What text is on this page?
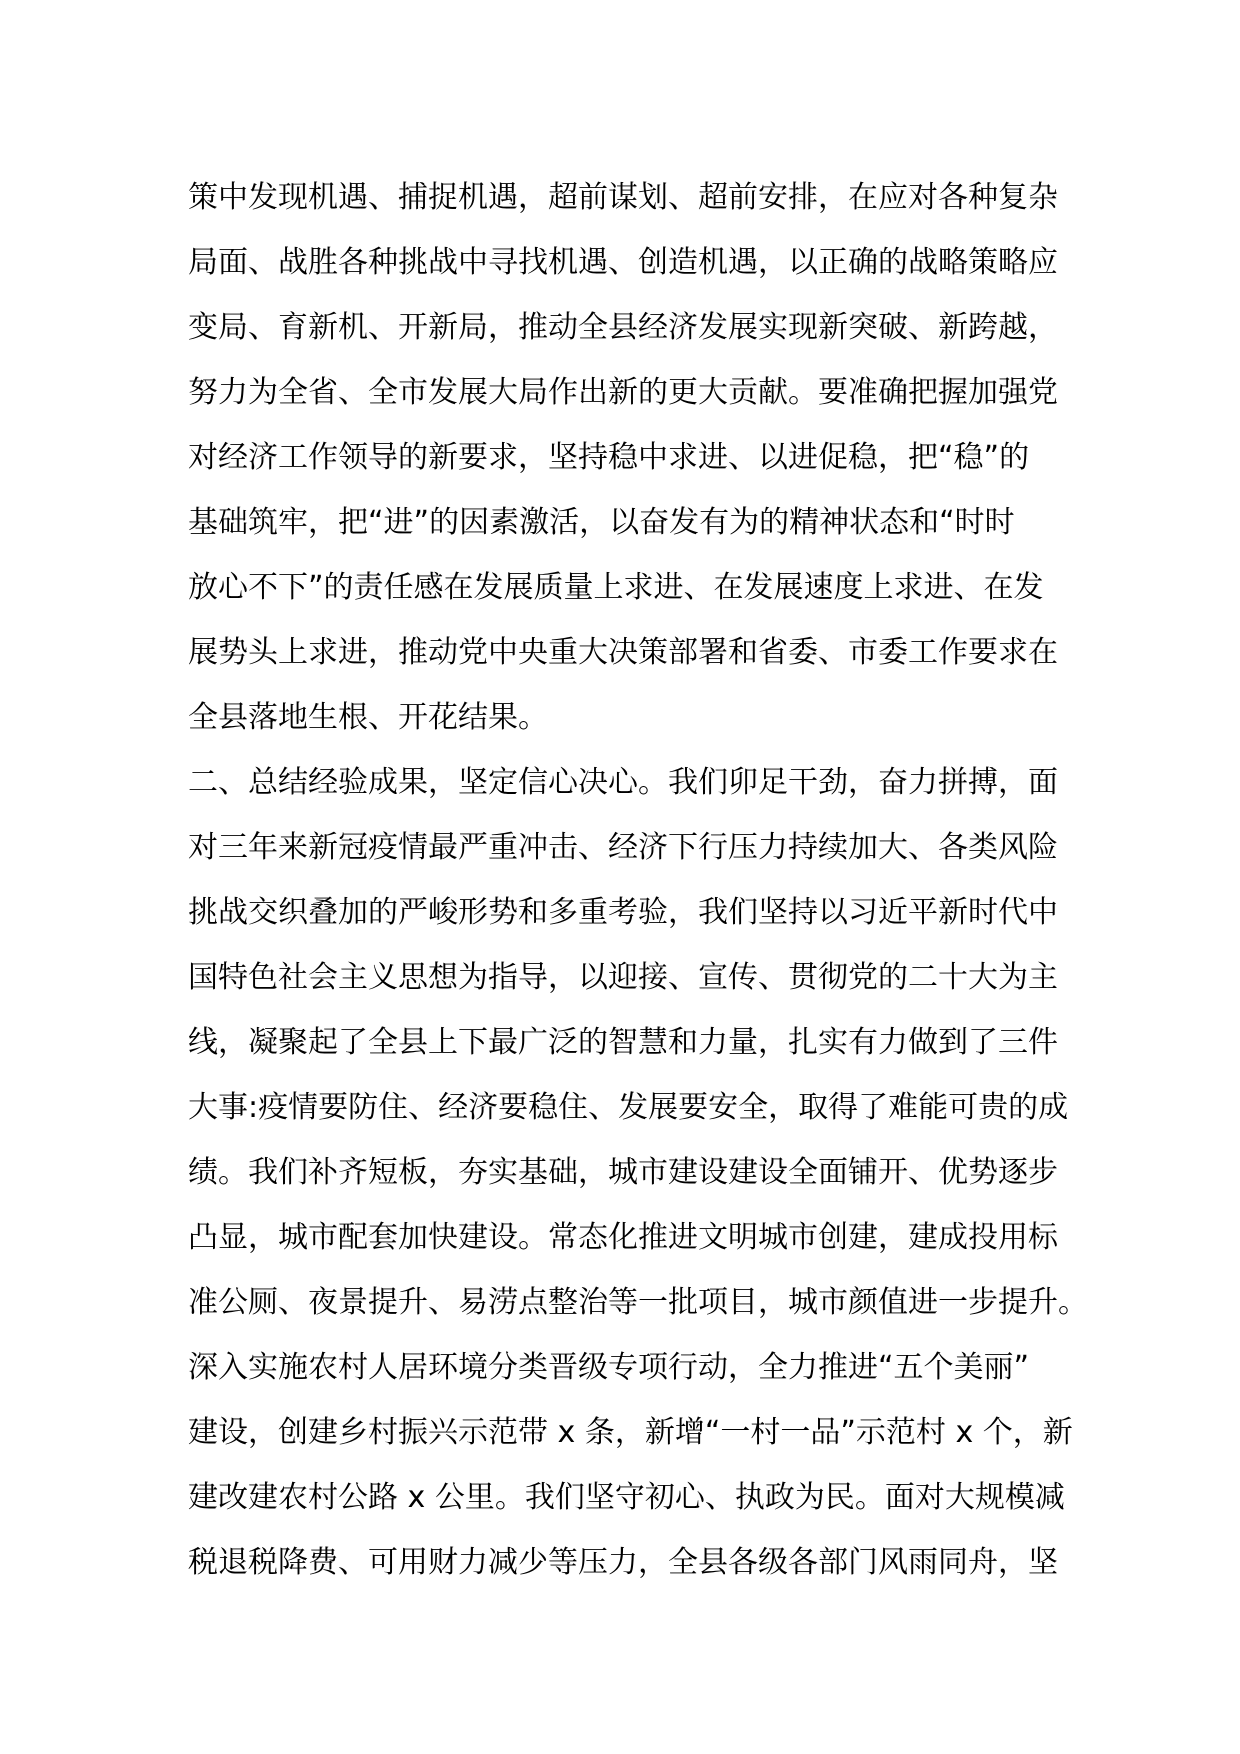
策中发现机遇、捕捉机遇，超前谋划、超前安排，在应对各种复杂
局面、战胜各种挑战中寻找机遇、创造机遇，以正确的战略策略应
变局、育新机、开新局，推动全县经济发展实现新突破、新跨越，
努力为全省、全市发展大局作出新的更大贡献。要准确把握加强党
对经济工作领导的新要求，坚持稳中求进、以进促稳，把“稳”的
基础筑牢，把“进”的因素激活，以奋发有为的精神状态和“时时
放心不下”的责任感在发展质量上求进、在发展速度上求进、在发
展势头上求进，推动党中央重大决策部署和省委、市委工作要求在
全县落地生根、开花结果。
二、总结经验成果，坚定信心决心。我们卯足干劲，奋力拼搏，面
对三年来新冠疫情最严重冲击、经济下行压力持续加大、各类风险
挑战交织叠加的严峻形势和多重考验，我们坚持以习近平新时代中
国特色社会主义思想为指导，以迎接、宣传、贯彻党的二十大为主
线，凝聚起了全县上下最广泛的智慧和力量，扎实有力做到了三件
大事:疫情要防住、经济要稳住、发展要安全，取得了难能可贵的成
绩。我们补齐短板，夯实基础，城市建设建设全面铺开、优势逐步
凸显，城市配套加快建设。常态化推进文明城市创建，建成投用标
准公厕、夜景提升、易涝点整治等一批项目，城市颜值进一步提升。
深入实施农村人居环境分类晋级专项行动，全力推进“五个美丽”
建设，创建乡村振兴示范带 x 条，新增“一村一品”示范村 x 个，新
建改建农村公路 x 公里。我们坚守初心、执政为民。面对大规模减
税退税降费、可用财力减少等压力，全县各级各部门风雨同舟，坚
